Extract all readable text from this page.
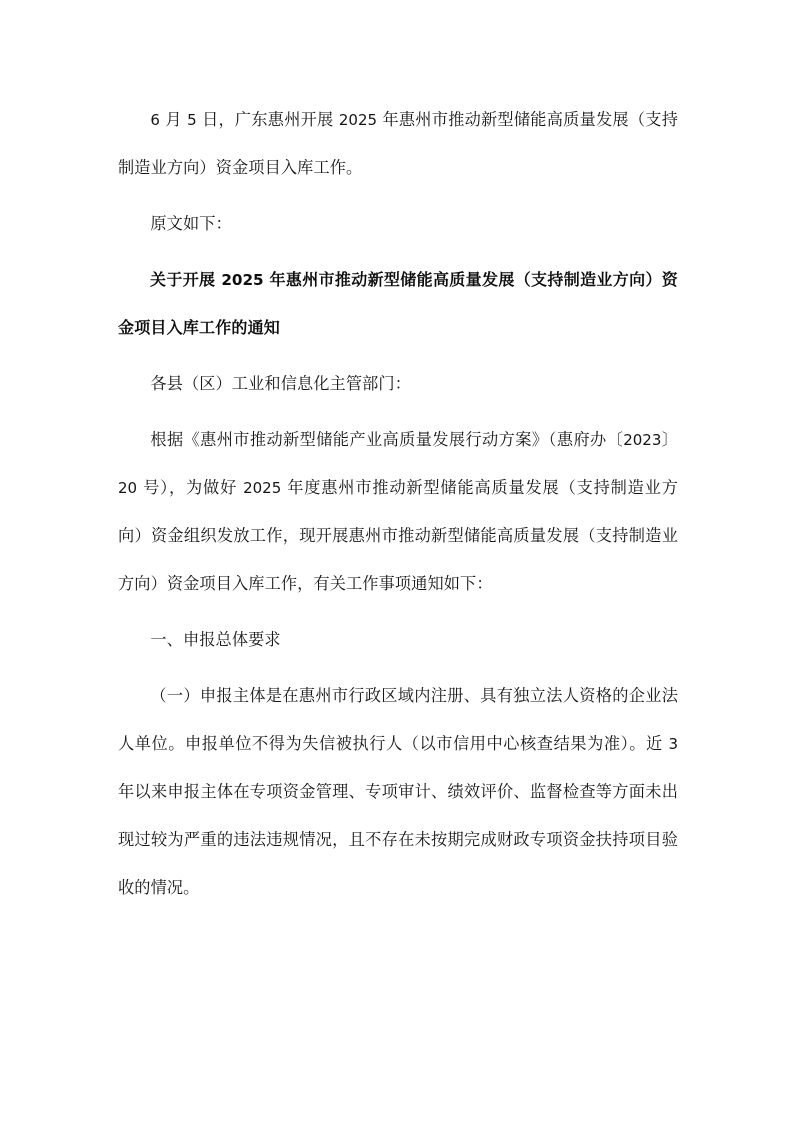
6 月 5 日，广东惠州开展 2025 年惠州市推动新型储能高质量发展（支持制造业方向）资金项目入库工作。

原文如下：

关于开展 2025 年惠州市推动新型储能高质量发展（支持制造业方向）资金项目入库工作的通知

各县（区）工业和信息化主管部门：

根据《惠州市推动新型储能产业高质量发展行动方案》（惠府办〔2023〕20 号），为做好 2025 年度惠州市推动新型储能高质量发展（支持制造业方向）资金组织发放工作，现开展惠州市推动新型储能高质量发展（支持制造业方向）资金项目入库工作，有关工作事项通知如下：

一、申报总体要求

（一）申报主体是在惠州市行政区域内注册、具有独立法人资格的企业法人单位。申报单位不得为失信被执行人（以市信用中心核查结果为准）。近 3 年以来申报主体在专项资金管理、专项审计、绩效评价、监督检查等方面未出现过较为严重的违法违规情况，且不存在未按期完成财政专项资金扶持项目验收的情况。
